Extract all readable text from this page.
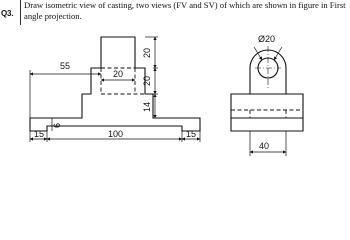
Q3.
Draw isometric view of casting, two views (FV and SV) of which are shown in figure in First
angle projection.
55
20
20
20
14
6
15	100	15
Ø20
40
